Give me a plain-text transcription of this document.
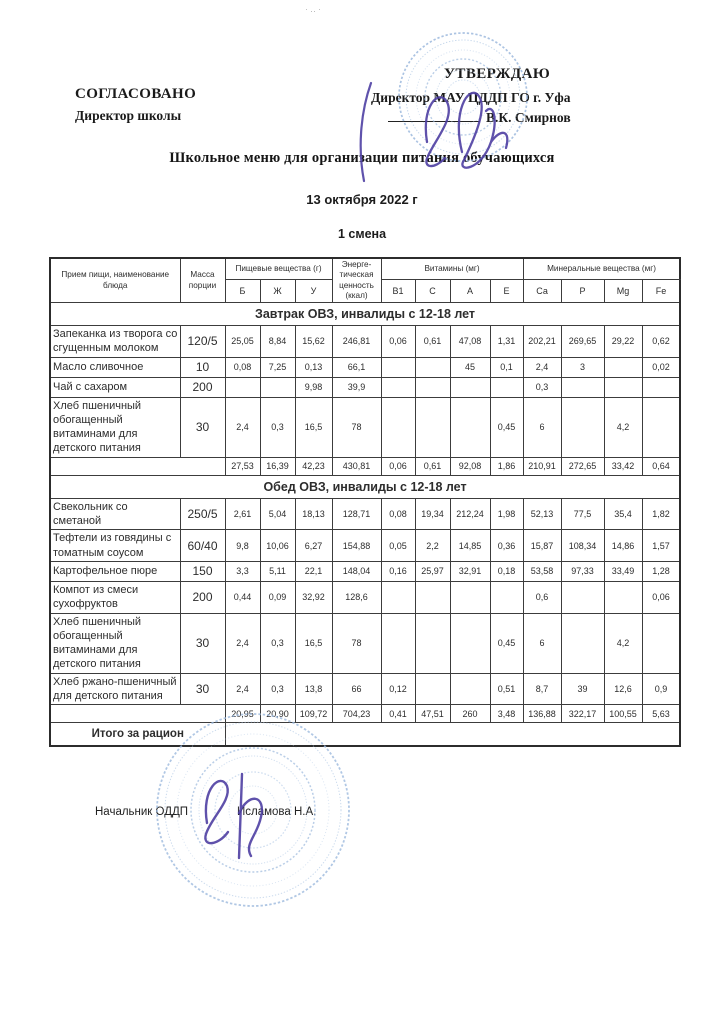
·‥·
СОГЛАСОВАНО
Директор школы
УТВЕРЖДАЮ
Директор МАУ ЦДДП ГО г. Уфа
В.К. Смирнов
Школьное меню для организации питания обучающихся
13 октября 2022 г
1 смена
Прием пищи, наименование блюда	Масса порции	Пищевые вещества (г)			Энерге-тическая ценность (ккал)	Витамины (мг)				Минеральные вещества (мг)	
		Б	Ж	У		В1	С	А	Е	Са	Р	Mg	Fe	
Завтрак ОВЗ, инвалиды с 12-18 лет														
Запеканка из творога со сгущенным молоком	120/5	25,05	8,84	15,62	246,81	0,06	0,61	47,08	1,31	202,21	269,65	29,22	0,62	
Масло сливочное	10	0,08	7,25	0,13	66,1			45	0,1	2,4	3		0,02	
Чай с сахаром	200			9,98	39,9					0,3				
Хлеб пшеничный обогащенный витаминами для детского питания	30	2,4	0,3	16,5	78				0,45	6		4,2		
		27,53	16,39	42,23	430,81	0,06	0,61	92,08	1,86	210,91	272,65	33,42	0,64	
Обед ОВЗ, инвалиды с 12-18 лет														
Свекольник со сметаной	250/5	2,61	5,04	18,13	128,71	0,08	19,34	212,24	1,98	52,13	77,5	35,4	1,82	
Тефтели из говядины с томатным соусом	60/40	9,8	10,06	6,27	154,88	0,05	2,2	14,85	0,36	15,87	108,34	14,86	1,57	
Картофельное пюре	150	3,3	5,11	22,1	148,04	0,16	25,97	32,91	0,18	53,58	97,33	33,49	1,28	
Компот из смеси сухофруктов	200	0,44	0,09	32,92	128,6					0,6			0,06	
Хлеб пшеничный обогащенный витаминами для детского питания	30	2,4	0,3	16,5	78				0,45	6		4,2		
Хлеб ржано-пшеничный для детского питания	30	2,4	0,3	13,8	66	0,12			0,51	8,7	39	12,6	0,9	
		20,95	20,90	109,72	704,23	0,41	47,51	260	3,48	136,88	322,17	100,55	5,63	
Итого за рацион		
Начальник ОДДП	Исламова Н.А.
